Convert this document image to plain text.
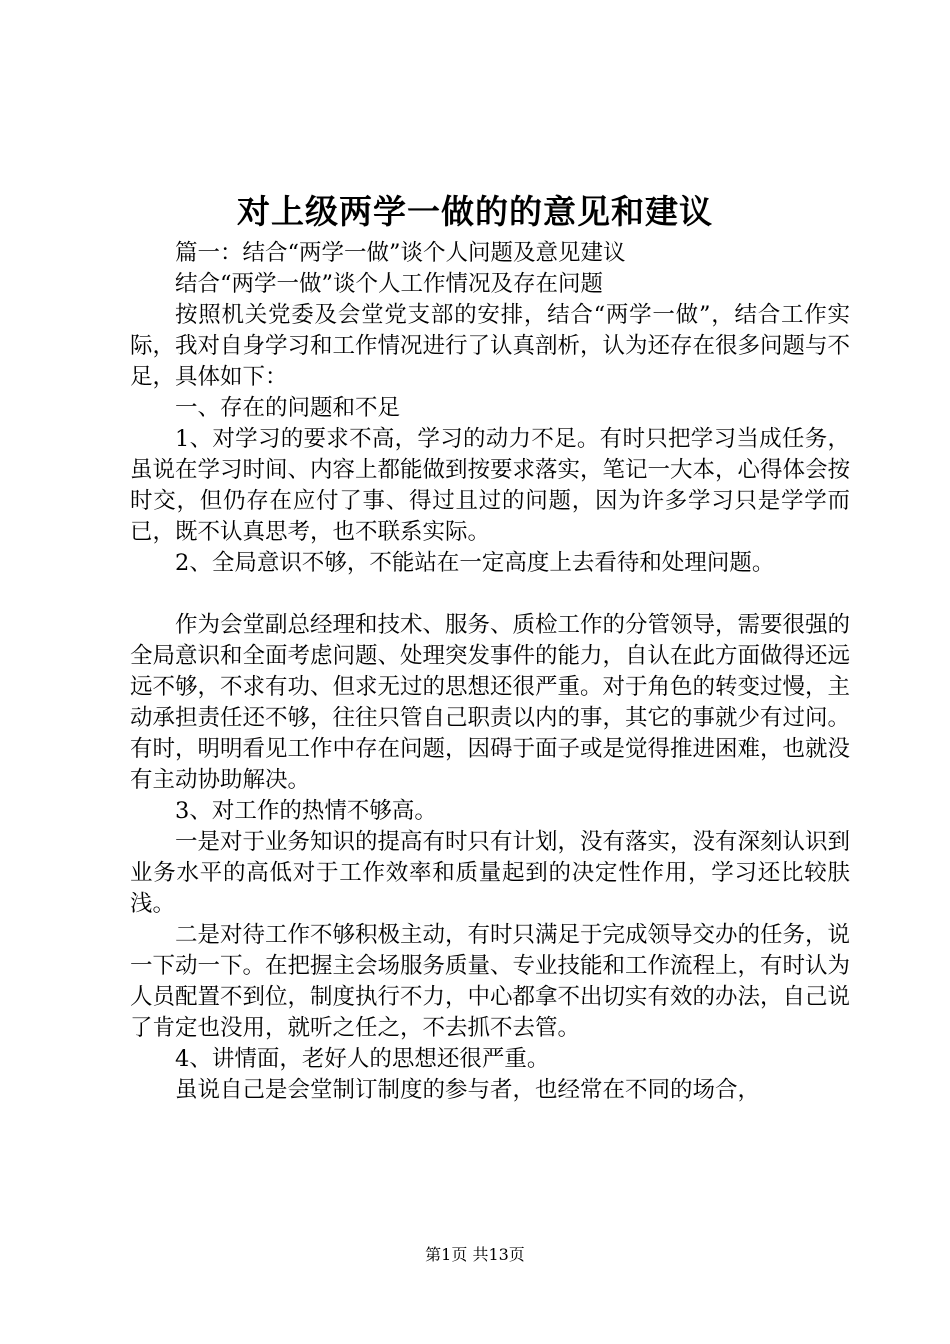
对上级两学一做的的意见和建议

篇一：结合“两学一做”谈个人问题及意见建议

结合“两学一做”谈个人工作情况及存在问题

按照机关党委及会堂党支部的安排，结合“两学一做”，结合工作实际，我对自身学习和工作情况进行了认真剖析，认为还存在很多问题与不足，具体如下：

一、存在的问题和不足

1、对学习的要求不高，学习的动力不足。有时只把学习当成任务，虽说在学习时间、内容上都能做到按要求落实，笔记一大本，心得体会按时交，但仍存在应付了事、得过且过的问题，因为许多学习只是学学而已，既不认真思考，也不联系实际。

2、全局意识不够，不能站在一定高度上去看待和处理问题。

作为会堂副总经理和技术、服务、质检工作的分管领导，需要很强的全局意识和全面考虑问题、处理突发事件的能力，自认在此方面做得还远远不够，不求有功、但求无过的思想还很严重。对于角色的转变过慢，主动承担责任还不够，往往只管自己职责以内的事，其它的事就少有过问。有时，明明看见工作中存在问题，因碍于面子或是觉得推进困难，也就没有主动协助解决。

3、对工作的热情不够高。

一是对于业务知识的提高有时只有计划，没有落实，没有深刻认识到业务水平的高低对于工作效率和质量起到的决定性作用，学习还比较肤浅。

二是对待工作不够积极主动，有时只满足于完成领导交办的任务，说一下动一下。在把握主会场服务质量、专业技能和工作流程上，有时认为人员配置不到位，制度执行不力，中心都拿不出切实有效的办法，自己说了肯定也没用，就听之任之，不去抓不去管。

4、讲情面，老好人的思想还很严重。

虽说自己是会堂制订制度的参与者，也经常在不同的场合，

第1页 共13页
